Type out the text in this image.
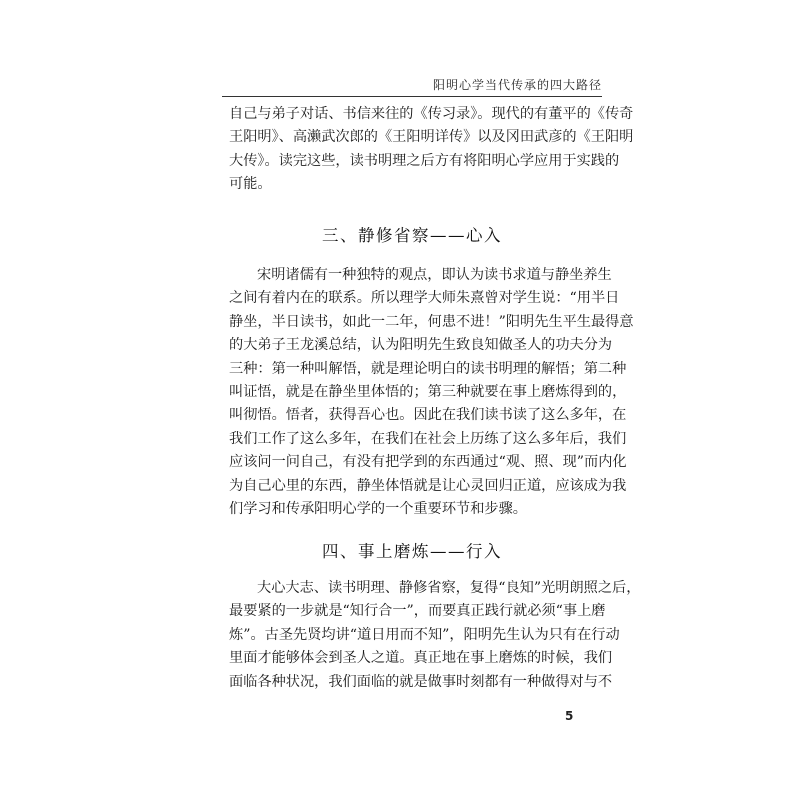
阳明心学当代传承的四大路径
自己与弟子对话、书信来往的《传习录》。现代的有董平的《传奇
王阳明》、高濑武次郎的《王阳明详传》以及冈田武彦的《王阳明
大传》。读完这些，读书明理之后方有将阳明心学应用于实践的
可能。
三、静修省察——心入
宋明诸儒有一种独特的观点，即认为读书求道与静坐养生
之间有着内在的联系。所以理学大师朱熹曾对学生说：“用半日
静坐，半日读书，如此一二年，何患不进！”阳明先生平生最得意
的大弟子王龙溪总结，认为阳明先生致良知做圣人的功夫分为
三种：第一种叫解悟，就是理论明白的读书明理的解悟；第二种
叫证悟，就是在静坐里体悟的；第三种就要在事上磨炼得到的，
叫彻悟。悟者，获得吾心也。因此在我们读书读了这么多年，在
我们工作了这么多年，在我们在社会上历练了这么多年后，我们
应该问一问自己，有没有把学到的东西通过“观、照、现”而内化
为自己心里的东西，静坐体悟就是让心灵回归正道，应该成为我
们学习和传承阳明心学的一个重要环节和步骤。
四、事上磨炼——行入
大心大志、读书明理、静修省察，复得“良知”光明朗照之后，
最要紧的一步就是“知行合一”，而要真正践行就必须“事上磨
炼”。古圣先贤均讲“道日用而不知”，阳明先生认为只有在行动
里面才能够体会到圣人之道。真正地在事上磨炼的时候，我们
面临各种状况，我们面临的就是做事时刻都有一种做得对与不
5
